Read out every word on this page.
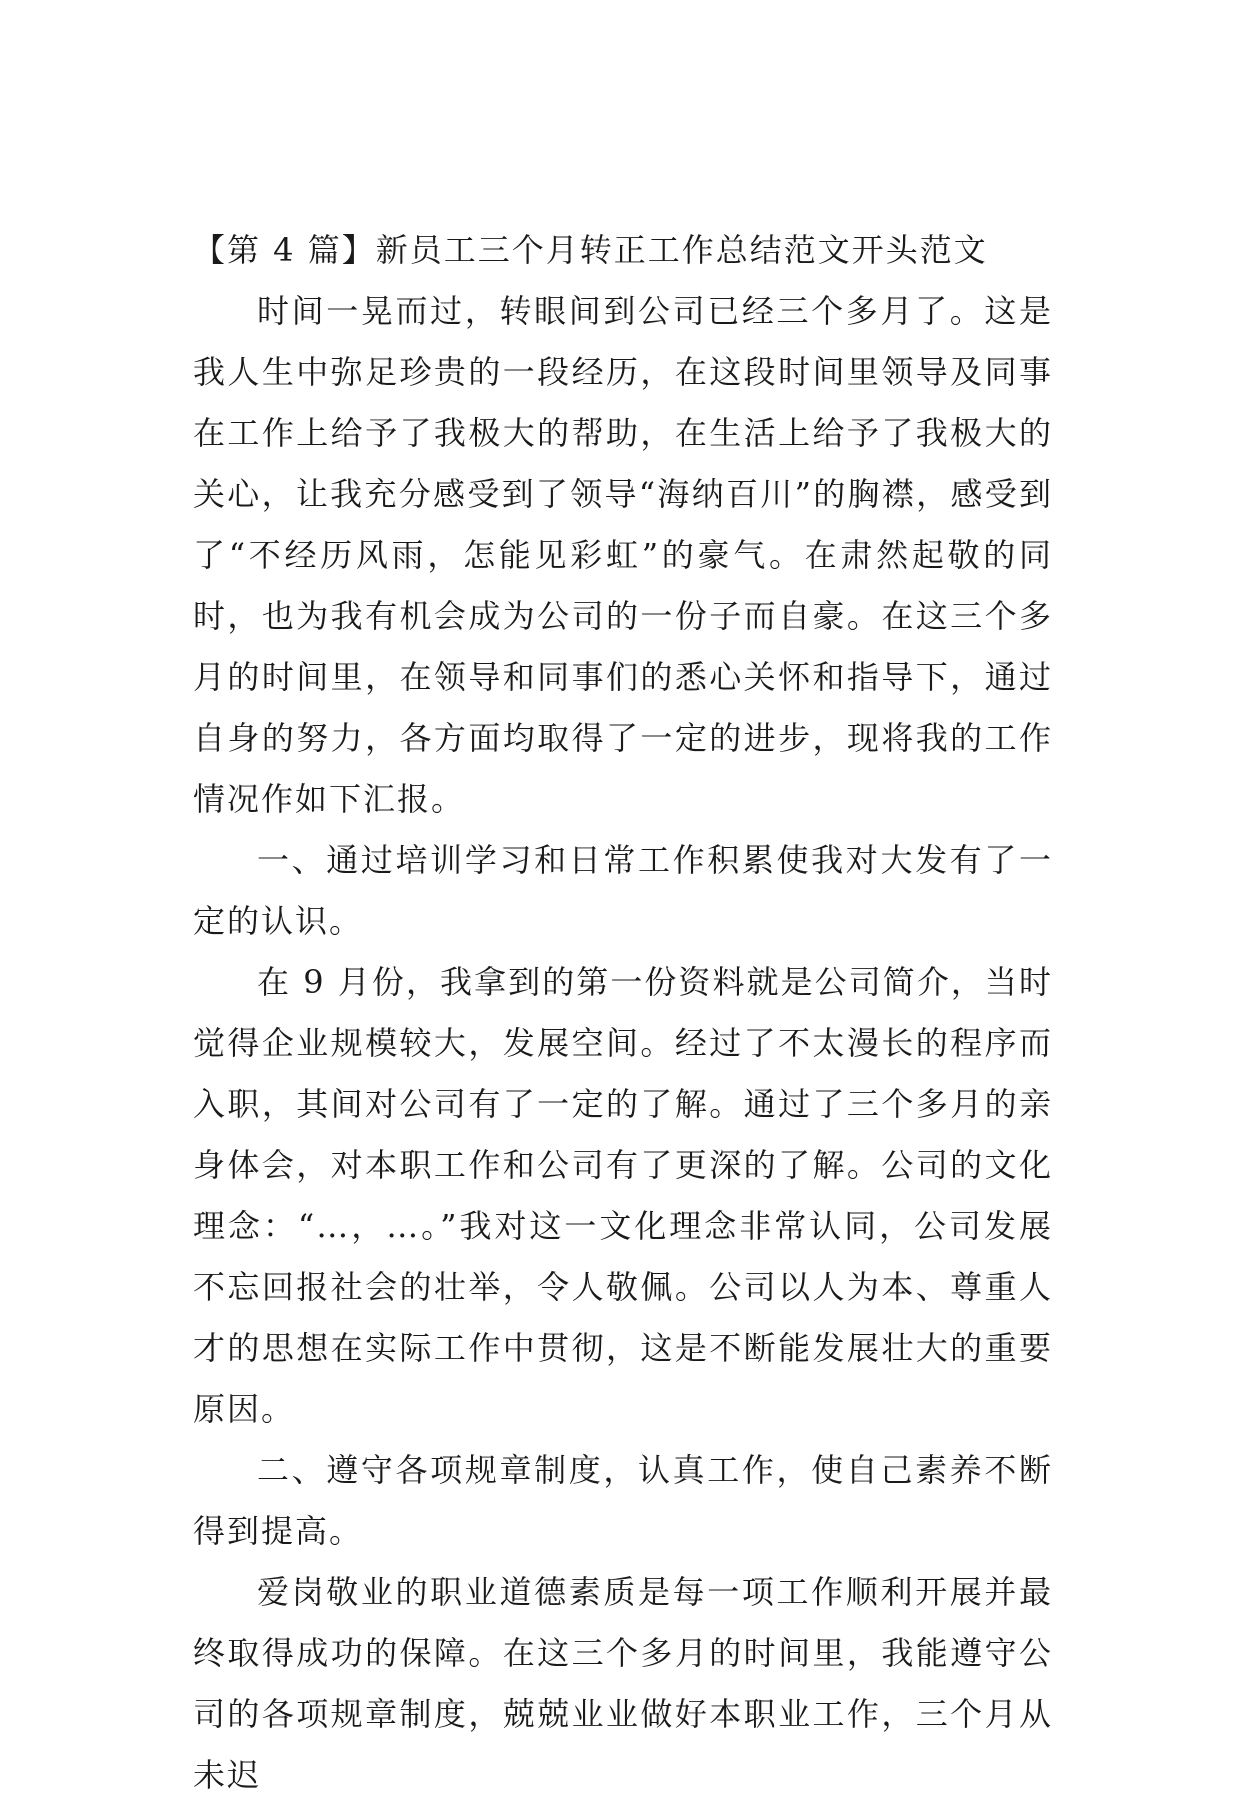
【第 4 篇】新员工三个月转正工作总结范文开头范文

时间一晃而过，转眼间到公司已经三个多月了。这是我人生中弥足珍贵的一段经历，在这段时间里领导及同事在工作上给予了我极大的帮助，在生活上给予了我极大的关心，让我充分感受到了领导“海纳百川”的胸襟，感受到了“不经历风雨，怎能见彩虹”的豪气。在肃然起敬的同时，也为我有机会成为公司的一份子而自豪。在这三个多月的时间里，在领导和同事们的悉心关怀和指导下，通过自身的努力，各方面均取得了一定的进步，现将我的工作情况作如下汇报。

一、通过培训学习和日常工作积累使我对大发有了一定的认识。

在 9 月份，我拿到的第一份资料就是公司简介，当时觉得企业规模较大，发展空间。经过了不太漫长的程序而入职，其间对公司有了一定的了解。通过了三个多月的亲身体会，对本职工作和公司有了更深的了解。公司的文化理念：“…，…。”我对这一文化理念非常认同，公司发展不忘回报社会的壮举，令人敬佩。公司以人为本、尊重人才的思想在实际工作中贯彻，这是不断能发展壮大的重要原因。

二、遵守各项规章制度，认真工作，使自己素养不断得到提高。

爱岗敬业的职业道德素质是每一项工作顺利开展并最终取得成功的保障。在这三个多月的时间里，我能遵守公司的各项规章制度，兢兢业业做好本职业工作，三个月从未迟
